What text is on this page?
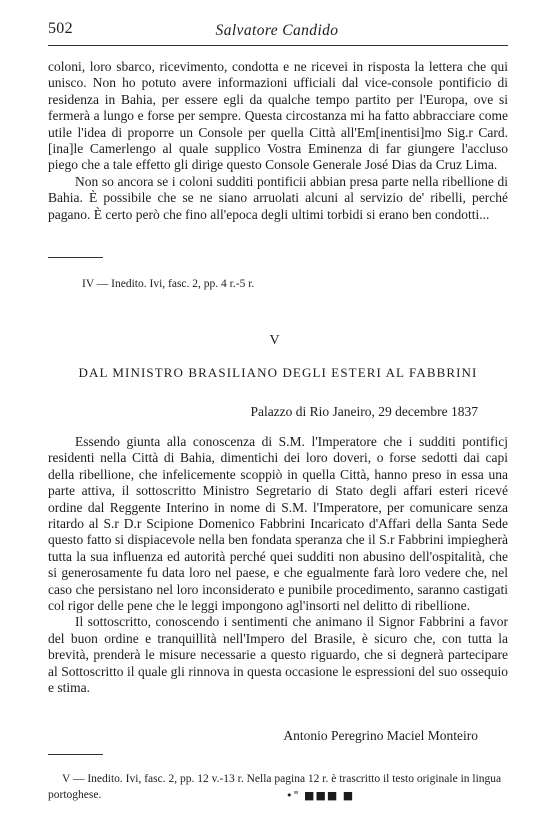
502	Salvatore Candido

coloni, loro sbarco, ricevimento, condotta e ne ricevei in risposta la lettera che qui unisco. Non ho potuto avere informazioni ufficiali dal vice-console pontificio di residenza in Bahia, per essere egli da qualche tempo partito per l'Europa, ove si fermerà a lungo e forse per sempre. Questa circostanza mi ha fatto abbracciare come utile l'idea di proporre un Console per quella Città all'Em[inentisi]mo Sig.r Card.[ina]le Camerlengo al quale supplico Vostra Eminenza di far giungere l'accluso piego che a tale effetto gli dirige questo Console Generale José Dias da Cruz Lima.

Non so ancora se i coloni sudditi pontificii abbian presa parte nella ribellione di Bahia. È possibile che se ne siano arruolati alcuni al servizio de' ribelli, perché pagano. È certo però che fino all'epoca degli ultimi torbidi si erano ben condotti...

IV — Inedito. Ivi, fasc. 2, pp. 4 r.-5 r.
V
DAL MINISTRO BRASILIANO DEGLI ESTERI AL FABBRINI
Palazzo di Rio Janeiro, 29 decembre 1837

Essendo giunta alla conoscenza di S.M. l'Imperatore che i sudditi pontificj residenti nella Città di Bahia, dimentichi dei loro doveri, o forse sedotti dai capi della ribellione, che infelicemente scoppiò in quella Città, hanno preso in essa una parte attiva, il sottoscritto Ministro Segretario di Stato degli affari esteri ricevé ordine dal Reggente Interino in nome di S.M. l'Imperatore, per comunicare senza ritardo al S.r D.r Scipione Domenico Fabbrini Incaricato d'Affari della Santa Sede questo fatto si dispiacevole nella ben fondata speranza che il S.r Fabbrini impiegherà tutta la sua influenza ed autorità perché quei sudditi non abusino dell'ospitalità, che si generosamente fu data loro nel paese, e che egualmente farà loro vedere che, nel caso che persistano nel loro inconsiderato e punibile procedimento, saranno castigati col rigor delle pene che le leggi impongono agl'insorti nel delitto di ribellione.

Il sottoscritto, conoscendo i sentimenti che animano il Signor Fabbrini a favor del buon ordine e tranquillità nell'Impero del Brasile, è sicuro che, con tutta la brevità, prenderà le misure necessarie a questo riguardo, che si degnerà partecipare al Sottoscritto il quale gli rinnova in questa occasione le espressioni del suo ossequio e stima.

Antonio Peregrino Maciel Monteiro
V — Inedito. Ivi, fasc. 2, pp. 12 v.-13 r. Nella pagina 12 r. è trascritto il testo originale in lingua portoghese.	•" ■■■ ■
